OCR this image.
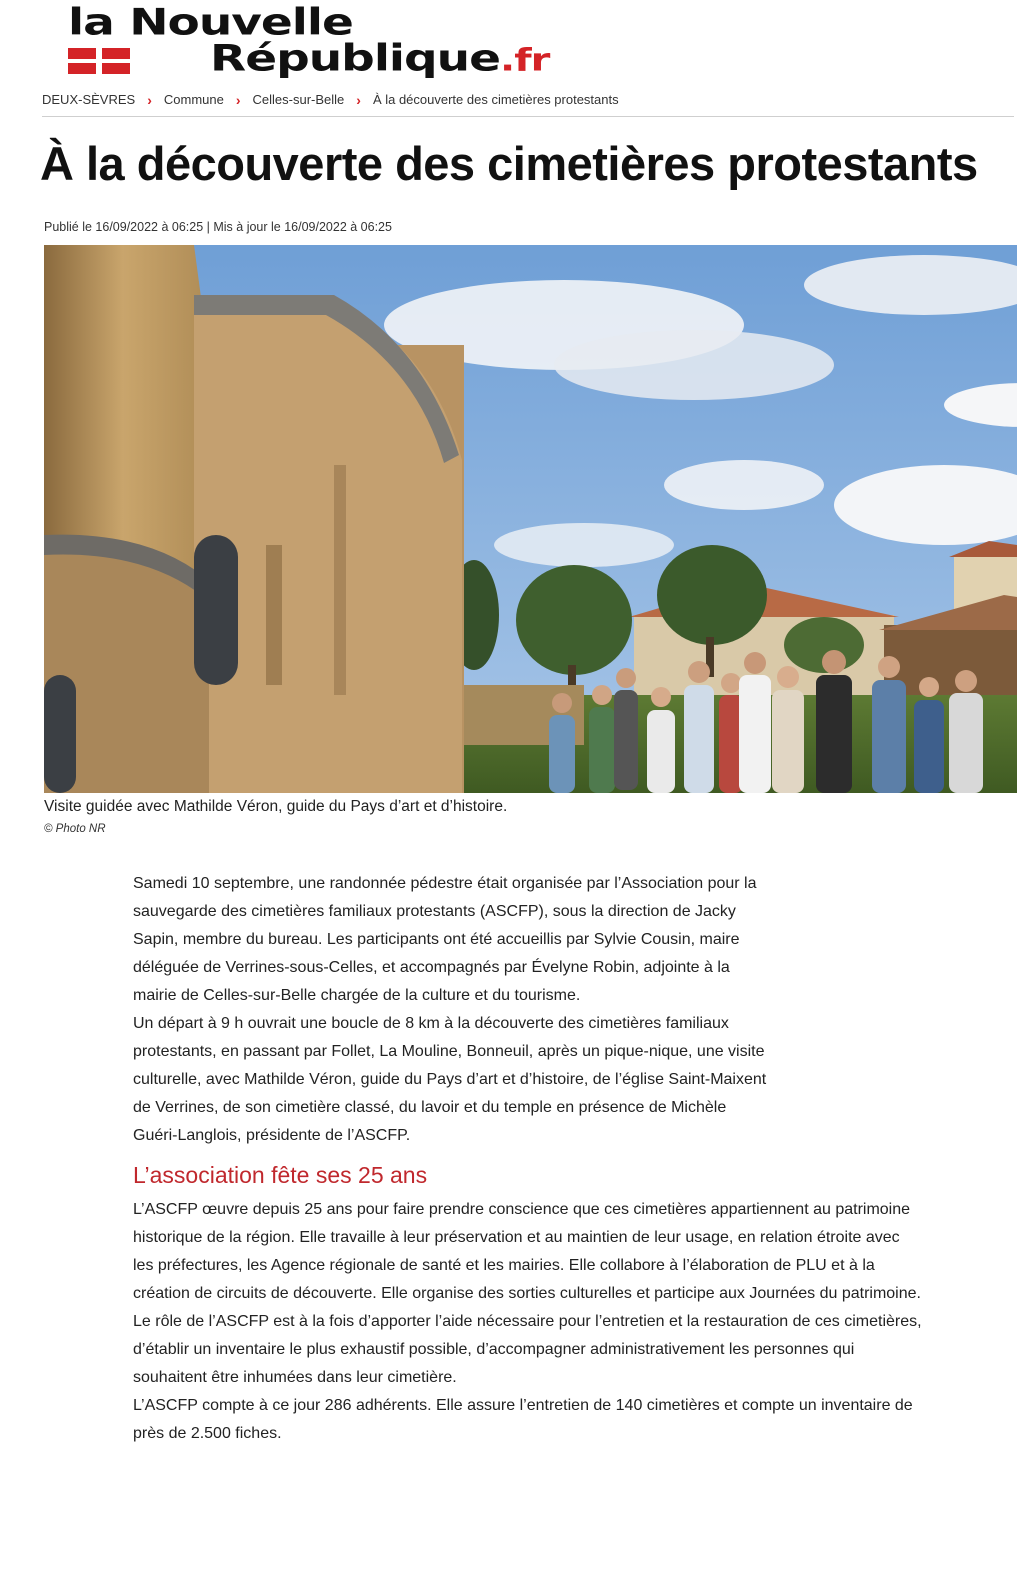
la Nouvelle
République.fr
DEUX-SÈVRES › Commune › Celles-sur-Belle › À la découverte des cimetières protestants
À la découverte des cimetières protestants
Publié le 16/09/2022 à 06:25 | Mis à jour le 16/09/2022 à 06:25
Visite guidée avec Mathilde Véron, guide du Pays d’art et d’histoire.
© Photo NR

Samedi 10 septembre, une randonnée pédestre était organisée par l’Association pour la sauvegarde des cimetières familiaux protestants (ASCFP), sous la direction de Jacky Sapin, membre du bureau. Les participants ont été accueillis par Sylvie Cousin, maire déléguée de Verrines-sous-Celles, et accompagnés par Évelyne Robin, adjointe à la mairie de Celles-sur-Belle chargée de la culture et du tourisme.

Un départ à 9 h ouvrait une boucle de 8 km à la découverte des cimetières familiaux protestants, en passant par Follet, La Mouline, Bonneuil, après un pique-nique, une visite culturelle, avec Mathilde Véron, guide du Pays d’art et d’histoire, de l’église Saint-Maixent de Verrines, de son cimetière classé, du lavoir et du temple en présence de Michèle Guéri-Langlois, présidente de l’ASCFP.

L’association fête ses 25 ans

L’ASCFP œuvre depuis 25 ans pour faire prendre conscience que ces cimetières appartiennent au patrimoine historique de la région. Elle travaille à leur préservation et au maintien de leur usage, en relation étroite avec les préfectures, les Agence régionale de santé et les mairies. Elle collabore à l’élaboration de PLU et à la création de circuits de découverte. Elle organise des sorties culturelles et participe aux Journées du patrimoine.

Le rôle de l’ASCFP est à la fois d’apporter l’aide nécessaire pour l’entretien et la restauration de ces cimetières, d’établir un inventaire le plus exhaustif possible, d’accompagner administrativement les personnes qui souhaitent être inhumées dans leur cimetière.

L’ASCFP compte à ce jour 286 adhérents. Elle assure l’entretien de 140 cimetières et compte un inventaire de près de 2.500 fiches.
